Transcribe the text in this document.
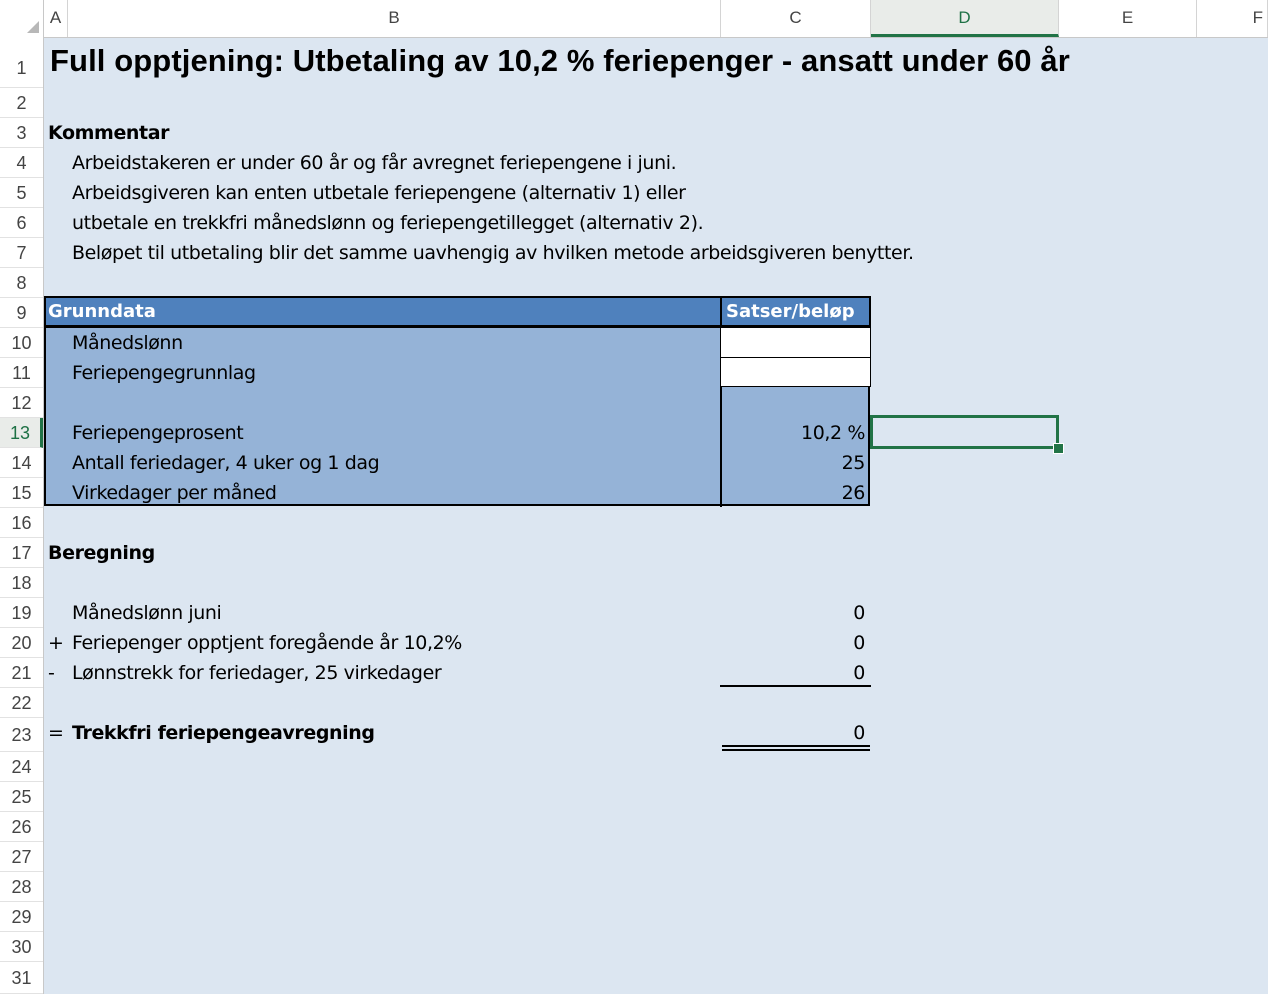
A	B	C	D	E	F
1
2
3
4
5
6
7
8
9
10
11
12
13
14
15
16
17
18
19
20
21
22
23
24
25
26
27
28
29
30
31
Full opptjening: Utbetaling av 10,2 % feriepenger - ansatt under 60 år
Kommentar
Arbeidstakeren er under 60 år og får avregnet feriepengene i juni.
Arbeidsgiveren kan enten utbetale feriepengene (alternativ 1) eller
utbetale en trekkfri månedslønn og feriepengetillegget (alternativ 2).
Beløpet til utbetaling blir det samme uavhengig av hvilken metode arbeidsgiveren benytter.
Grunndata	Satser/beløp
Månedslønn
Feriepengegrunnlag
Feriepengeprosent	10,2 %
Antall feriedager, 4 uker og 1 dag	25
Virkedager per måned	26
Beregning
Månedslønn juni	0
+ Feriepenger opptjent foregående år 10,2%	0
- Lønnstrekk for feriedager, 25 virkedager	0
= Trekkfri feriepengeavregning	0
